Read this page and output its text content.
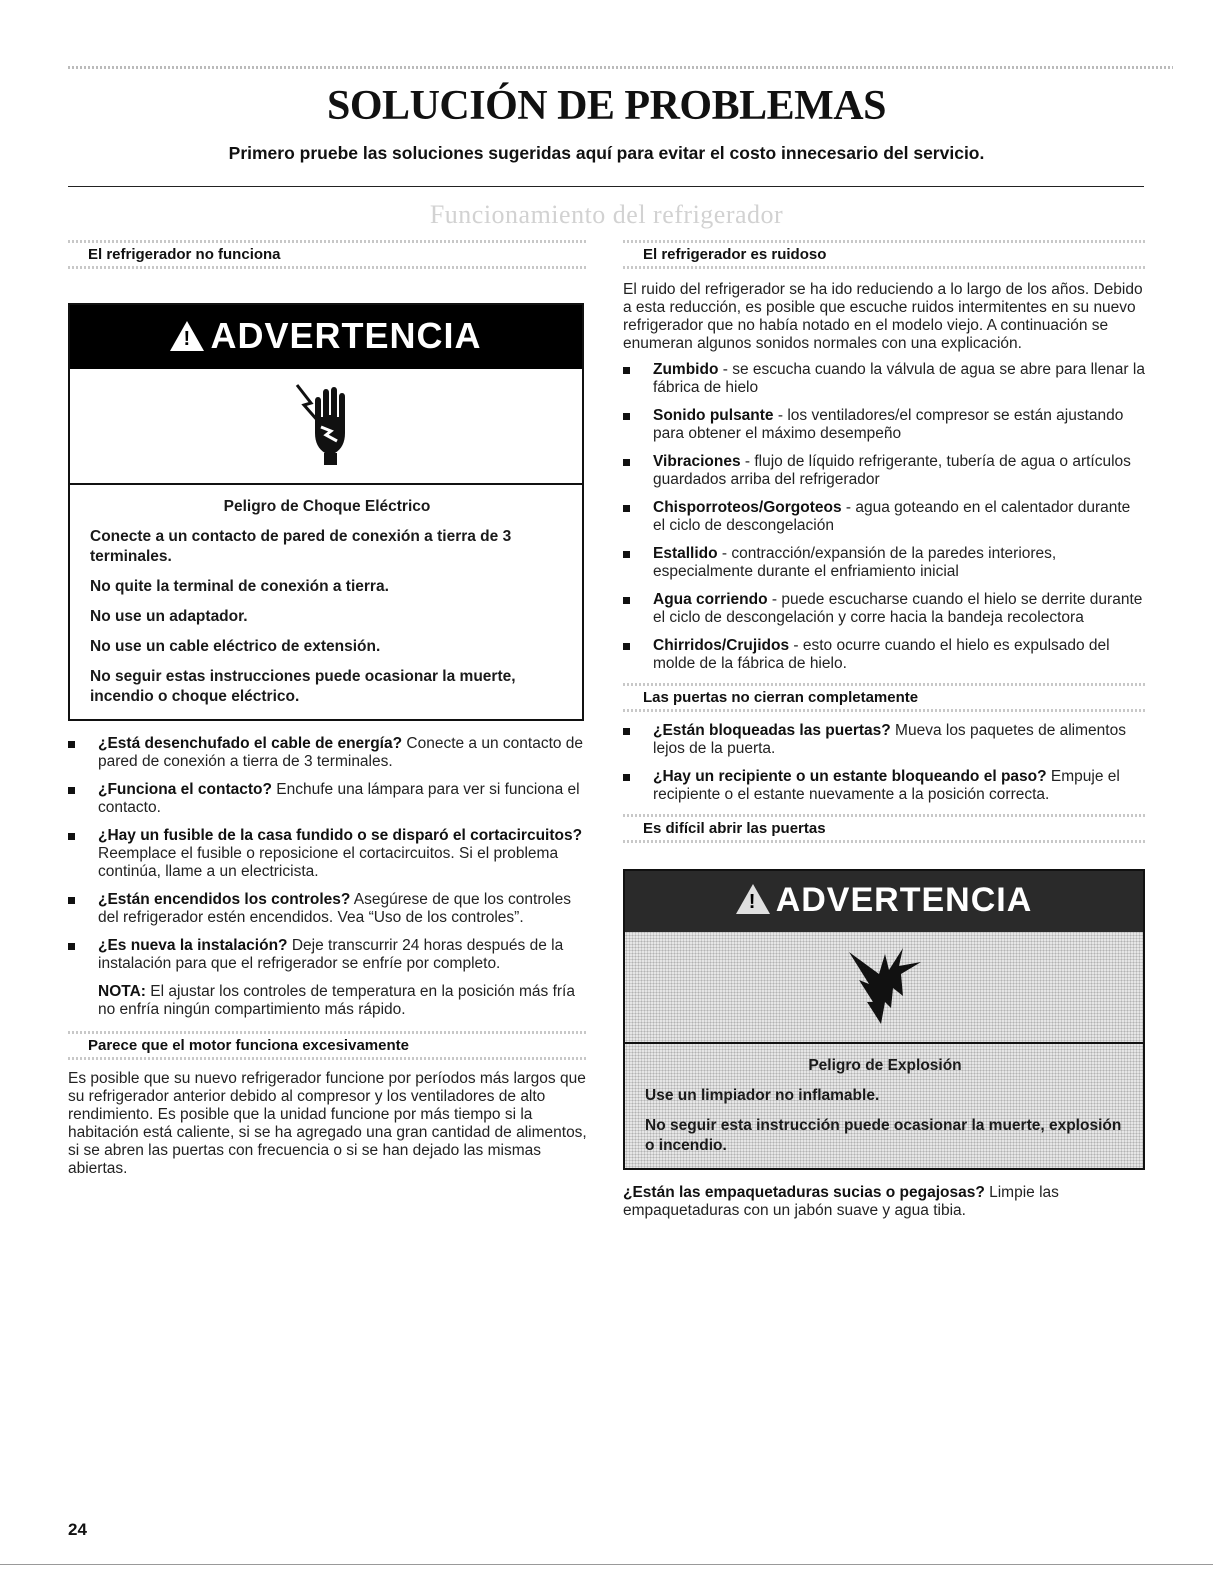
SOLUCIÓN DE PROBLEMAS
Primero pruebe las soluciones sugeridas aquí para evitar el costo innecesario del servicio.
Funcionamiento del refrigerador
El refrigerador no funciona
!ADVERTENCIA
Peligro de Choque Eléctrico

Conecte a un contacto de pared de conexión a tierra de 3 terminales.

No quite la terminal de conexión a tierra.

No use un adaptador.

No use un cable eléctrico de extensión.

No seguir estas instrucciones puede ocasionar la muerte, incendio o choque eléctrico.

¿Está desenchufado el cable de energía? Conecte a un contacto de pared de conexión a tierra de 3 terminales.
¿Funciona el contacto? Enchufe una lámpara para ver si funciona el contacto.
¿Hay un fusible de la casa fundido o se disparó el cortacircuitos? Reemplace el fusible o reposicione el cortacircuitos. Si el problema continúa, llame a un electricista.
¿Están encendidos los controles? Asegúrese de que los controles del refrigerador estén encendidos. Vea “Uso de los controles”.
¿Es nueva la instalación? Deje transcurrir 24 horas después de la instalación para que el refrigerador se enfríe por completo.
NOTA: El ajustar los controles de temperatura en la posición más fría no enfría ningún compartimiento más rápido.
Parece que el motor funciona excesivamente
Es posible que su nuevo refrigerador funcione por períodos más largos que su refrigerador anterior debido al compresor y los ventiladores de alto rendimiento. Es posible que la unidad funcione por más tiempo si la habitación está caliente, si se ha agregado una gran cantidad de alimentos, si se abren las puertas con frecuencia o si se han dejado las mismas abiertas.
El refrigerador es ruidoso
El ruido del refrigerador se ha ido reduciendo a lo largo de los años. Debido a esta reducción, es posible que escuche ruidos intermitentes en su nuevo refrigerador que no había notado en el modelo viejo. A continuación se enumeran algunos sonidos normales con una explicación.
Zumbido - se escucha cuando la válvula de agua se abre para llenar la fábrica de hielo
Sonido pulsante - los ventiladores/el compresor se están ajustando para obtener el máximo desempeño
Vibraciones - flujo de líquido refrigerante, tubería de agua o artículos guardados arriba del refrigerador
Chisporroteos/Gorgoteos - agua goteando en el calentador durante el ciclo de descongelación
Estallido - contracción/expansión de la paredes interiores, especialmente durante el enfriamiento inicial
Agua corriendo - puede escucharse cuando el hielo se derrite durante el ciclo de descongelación y corre hacia la bandeja recolectora
Chirridos/Crujidos - esto ocurre cuando el hielo es expulsado del molde de la fábrica de hielo.
Las puertas no cierran completamente
¿Están bloqueadas las puertas? Mueva los paquetes de alimentos lejos de la puerta.
¿Hay un recipiente o un estante bloqueando el paso? Empuje el recipiente o el estante nuevamente a la posición correcta.
Es difícil abrir las puertas
!ADVERTENCIA
Peligro de Explosión

Use un limpiador no inflamable.

No seguir esta instrucción puede ocasionar la muerte, explosión o incendio.

¿Están las empaquetaduras sucias o pegajosas? Limpie las empaquetaduras con un jabón suave y agua tibia.
24
